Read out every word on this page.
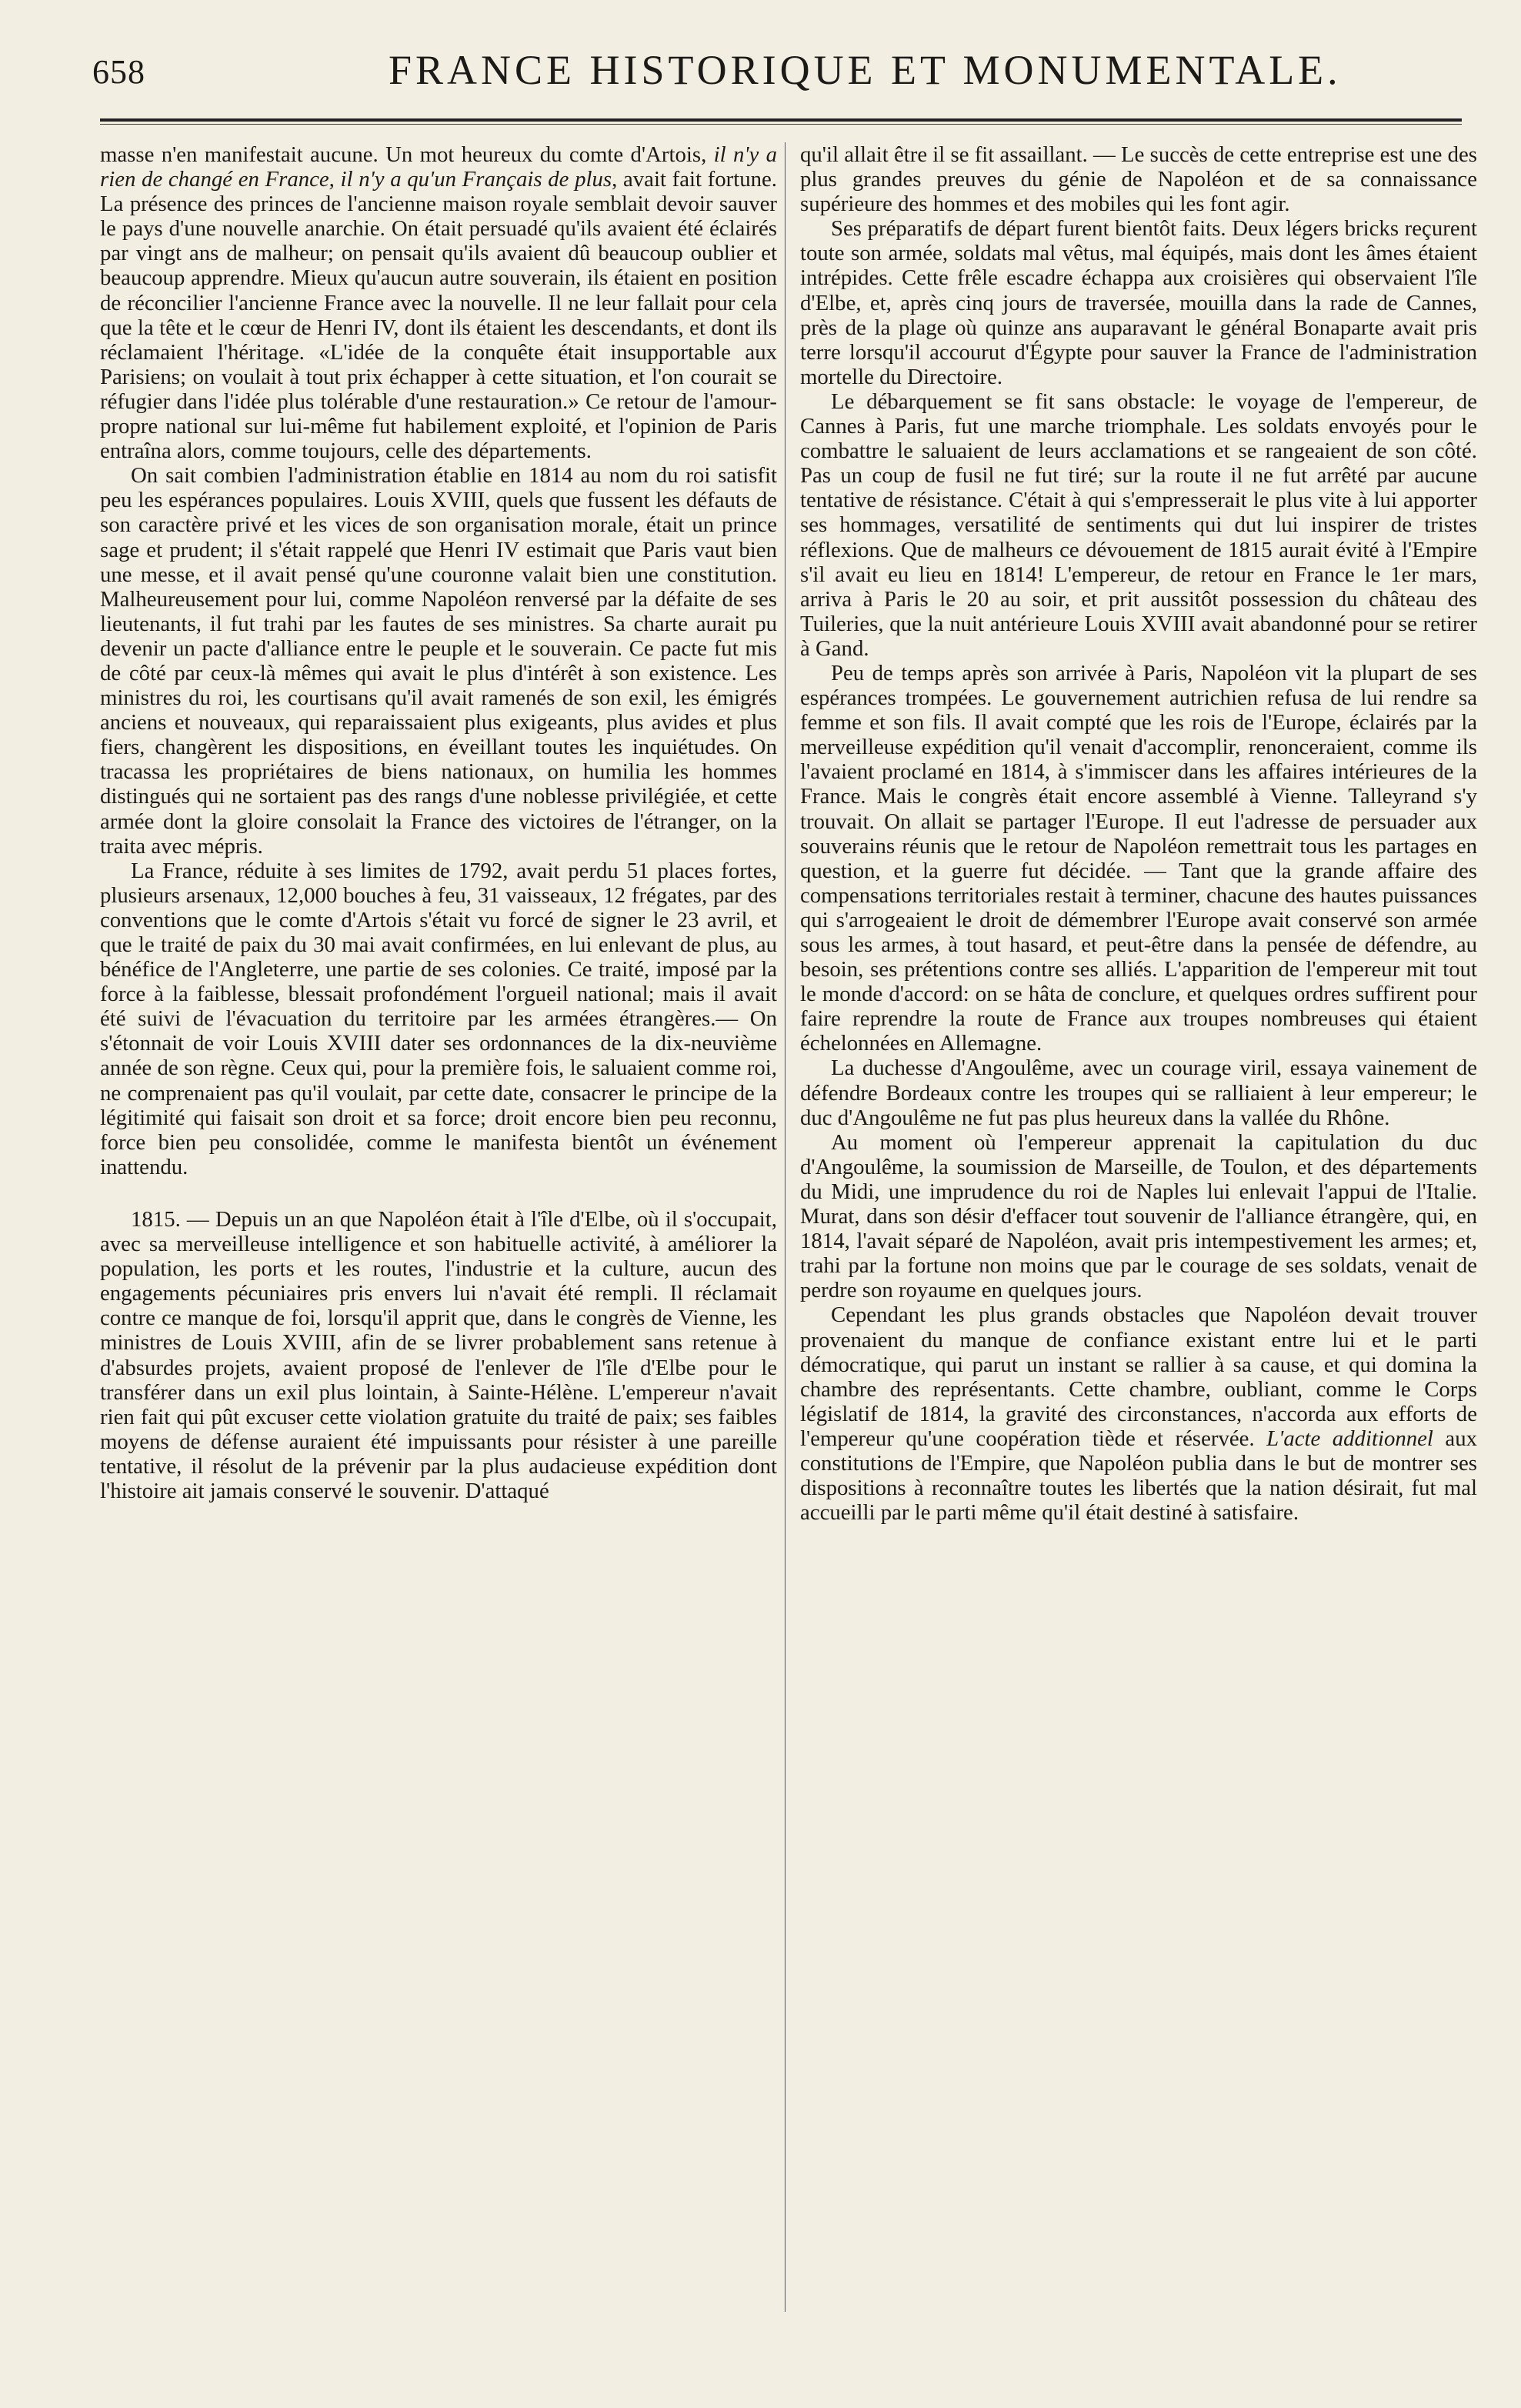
658	FRANCE HISTORIQUE ET MONUMENTALE.

masse n'en manifestait aucune. Un mot heureux du comte d'Artois, il n'y a rien de changé en France, il n'y a qu'un Français de plus, avait fait fortune. La présence des princes de l'ancienne maison royale semblait devoir sauver le pays d'une nouvelle anarchie. On était persuadé qu'ils avaient été éclairés par vingt ans de malheur; on pensait qu'ils avaient dû beaucoup oublier et beaucoup apprendre. Mieux qu'aucun autre souverain, ils étaient en position de réconcilier l'ancienne France avec la nouvelle. Il ne leur fallait pour cela que la tête et le cœur de Henri IV, dont ils étaient les descendants, et dont ils réclamaient l'héritage. «L'idée de la conquête était insupportable aux Parisiens; on voulait à tout prix échapper à cette situation, et l'on courait se réfugier dans l'idée plus tolérable d'une restauration.» Ce retour de l'amour-propre national sur lui-même fut habilement exploité, et l'opinion de Paris entraîna alors, comme toujours, celle des départements.

On sait combien l'administration établie en 1814 au nom du roi satisfit peu les espérances populaires. Louis XVIII, quels que fussent les défauts de son caractère privé et les vices de son organisation morale, était un prince sage et prudent; il s'était rappelé que Henri IV estimait que Paris vaut bien une messe, et il avait pensé qu'une couronne valait bien une constitution. Malheureusement pour lui, comme Napoléon renversé par la défaite de ses lieutenants, il fut trahi par les fautes de ses ministres. Sa charte aurait pu devenir un pacte d'alliance entre le peuple et le souverain. Ce pacte fut mis de côté par ceux-là mêmes qui avait le plus d'intérêt à son existence. Les ministres du roi, les courtisans qu'il avait ramenés de son exil, les émigrés anciens et nouveaux, qui reparaissaient plus exigeants, plus avides et plus fiers, changèrent les dispositions, en éveillant toutes les inquiétudes. On tracassa les propriétaires de biens nationaux, on humilia les hommes distingués qui ne sortaient pas des rangs d'une noblesse privilégiée, et cette armée dont la gloire consolait la France des victoires de l'étranger, on la traita avec mépris.

La France, réduite à ses limites de 1792, avait perdu 51 places fortes, plusieurs arsenaux, 12,000 bouches à feu, 31 vaisseaux, 12 frégates, par des conventions que le comte d'Artois s'était vu forcé de signer le 23 avril, et que le traité de paix du 30 mai avait confirmées, en lui enlevant de plus, au bénéfice de l'Angleterre, une partie de ses colonies. Ce traité, imposé par la force à la faiblesse, blessait profondément l'orgueil national; mais il avait été suivi de l'évacuation du territoire par les armées étrangères.— On s'étonnait de voir Louis XVIII dater ses ordonnances de la dix-neuvième année de son règne. Ceux qui, pour la première fois, le saluaient comme roi, ne comprenaient pas qu'il voulait, par cette date, consacrer le principe de la légitimité qui faisait son droit et sa force; droit encore bien peu reconnu, force bien peu consolidée, comme le manifesta bientôt un événement inattendu.

1815. — Depuis un an que Napoléon était à l'île d'Elbe, où il s'occupait, avec sa merveilleuse intelligence et son habituelle activité, à améliorer la population, les ports et les routes, l'industrie et la culture, aucun des engagements pécuniaires pris envers lui n'avait été rempli. Il réclamait contre ce manque de foi, lorsqu'il apprit que, dans le congrès de Vienne, les ministres de Louis XVIII, afin de se livrer probablement sans retenue à d'absurdes projets, avaient proposé de l'enlever de l'île d'Elbe pour le transférer dans un exil plus lointain, à Sainte-Hélène. L'empereur n'avait rien fait qui pût excuser cette violation gratuite du traité de paix; ses faibles moyens de défense auraient été impuissants pour résister à une pareille tentative, il résolut de la prévenir par la plus audacieuse expédition dont l'histoire ait jamais conservé le souvenir. D'attaqué

qu'il allait être il se fit assaillant. — Le succès de cette entreprise est une des plus grandes preuves du génie de Napoléon et de sa connaissance supérieure des hommes et des mobiles qui les font agir.

Ses préparatifs de départ furent bientôt faits. Deux légers bricks reçurent toute son armée, soldats mal vêtus, mal équipés, mais dont les âmes étaient intrépides. Cette frêle escadre échappa aux croisières qui observaient l'île d'Elbe, et, après cinq jours de traversée, mouilla dans la rade de Cannes, près de la plage où quinze ans auparavant le général Bonaparte avait pris terre lorsqu'il accourut d'Égypte pour sauver la France de l'administration mortelle du Directoire.

Le débarquement se fit sans obstacle: le voyage de l'empereur, de Cannes à Paris, fut une marche triomphale. Les soldats envoyés pour le combattre le saluaient de leurs acclamations et se rangeaient de son côté. Pas un coup de fusil ne fut tiré; sur la route il ne fut arrêté par aucune tentative de résistance. C'était à qui s'empresserait le plus vite à lui apporter ses hommages, versatilité de sentiments qui dut lui inspirer de tristes réflexions. Que de malheurs ce dévouement de 1815 aurait évité à l'Empire s'il avait eu lieu en 1814! L'empereur, de retour en France le 1er mars, arriva à Paris le 20 au soir, et prit aussitôt possession du château des Tuileries, que la nuit antérieure Louis XVIII avait abandonné pour se retirer à Gand.

Peu de temps après son arrivée à Paris, Napoléon vit la plupart de ses espérances trompées. Le gouvernement autrichien refusa de lui rendre sa femme et son fils. Il avait compté que les rois de l'Europe, éclairés par la merveilleuse expédition qu'il venait d'accomplir, renonceraient, comme ils l'avaient proclamé en 1814, à s'immiscer dans les affaires intérieures de la France. Mais le congrès était encore assemblé à Vienne. Talleyrand s'y trouvait. On allait se partager l'Europe. Il eut l'adresse de persuader aux souverains réunis que le retour de Napoléon remettrait tous les partages en question, et la guerre fut décidée. — Tant que la grande affaire des compensations territoriales restait à terminer, chacune des hautes puissances qui s'arrogeaient le droit de démembrer l'Europe avait conservé son armée sous les armes, à tout hasard, et peut-être dans la pensée de défendre, au besoin, ses prétentions contre ses alliés. L'apparition de l'empereur mit tout le monde d'accord: on se hâta de conclure, et quelques ordres suffirent pour faire reprendre la route de France aux troupes nombreuses qui étaient échelonnées en Allemagne.

La duchesse d'Angoulême, avec un courage viril, essaya vainement de défendre Bordeaux contre les troupes qui se ralliaient à leur empereur; le duc d'Angoulême ne fut pas plus heureux dans la vallée du Rhône.

Au moment où l'empereur apprenait la capitulation du duc d'Angoulême, la soumission de Marseille, de Toulon, et des départements du Midi, une imprudence du roi de Naples lui enlevait l'appui de l'Italie. Murat, dans son désir d'effacer tout souvenir de l'alliance étrangère, qui, en 1814, l'avait séparé de Napoléon, avait pris intempestivement les armes; et, trahi par la fortune non moins que par le courage de ses soldats, venait de perdre son royaume en quelques jours.

Cependant les plus grands obstacles que Napoléon devait trouver provenaient du manque de confiance existant entre lui et le parti démocratique, qui parut un instant se rallier à sa cause, et qui domina la chambre des représentants. Cette chambre, oubliant, comme le Corps législatif de 1814, la gravité des circonstances, n'accorda aux efforts de l'empereur qu'une coopération tiède et réservée. L'acte additionnel aux constitutions de l'Empire, que Napoléon publia dans le but de montrer ses dispositions à reconnaître toutes les libertés que la nation désirait, fut mal accueilli par le parti même qu'il était destiné à satisfaire.
